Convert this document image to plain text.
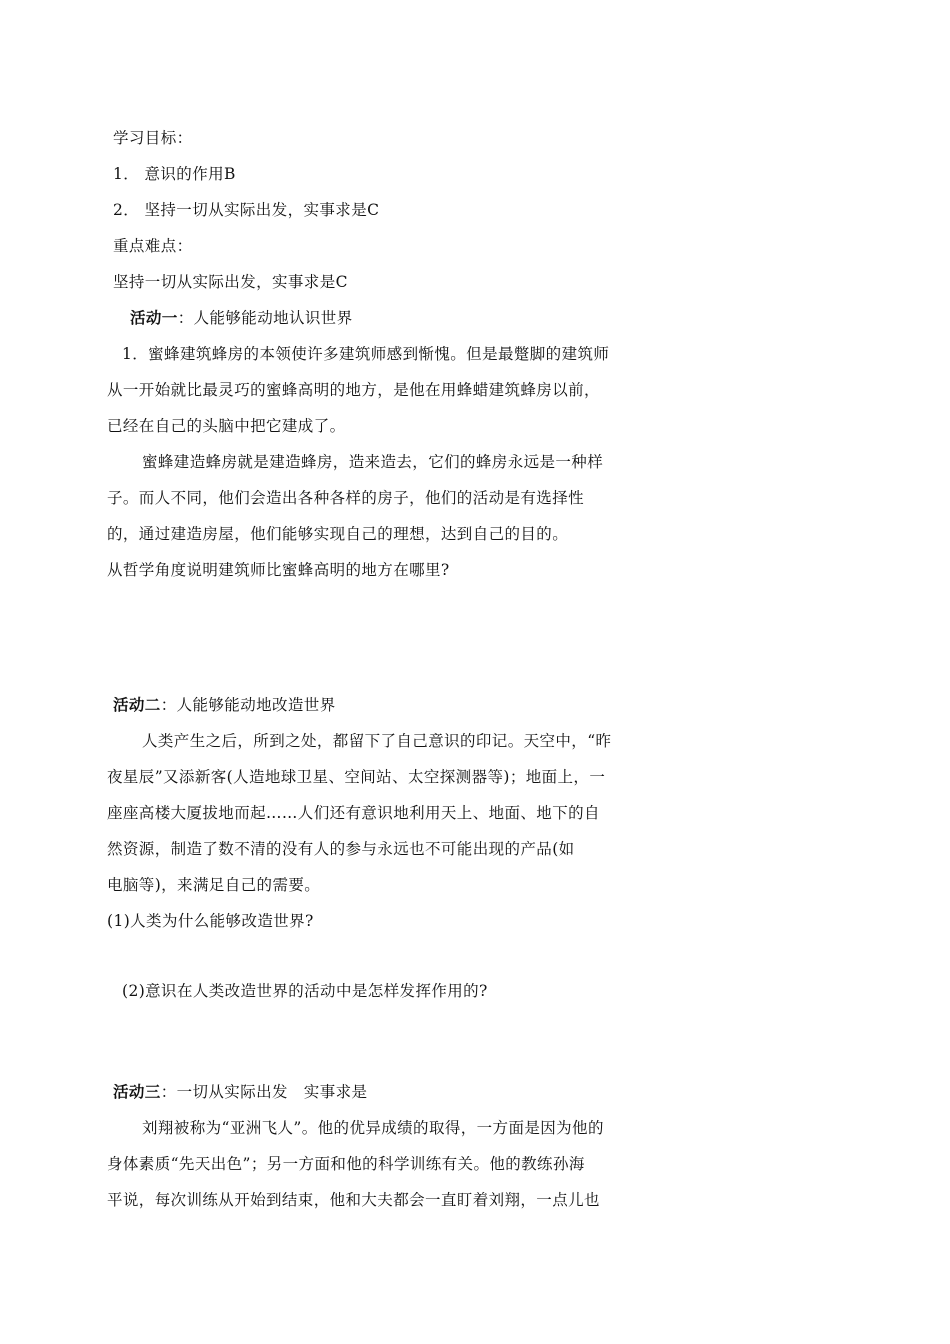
学习目标：
1． 意识的作用B
2． 坚持一切从实际出发，实事求是C
重点难点：
坚持一切从实际出发，实事求是C
活动一：人能够能动地认识世界
1．蜜蜂建筑蜂房的本领使许多建筑师感到惭愧。但是最蹩脚的建筑师
从一开始就比最灵巧的蜜蜂高明的地方，是他在用蜂蜡建筑蜂房以前，
已经在自己的头脑中把它建成了。
蜜蜂建造蜂房就是建造蜂房，造来造去，它们的蜂房永远是一种样
子。而人不同，他们会造出各种各样的房子，他们的活动是有选择性
的，通过建造房屋，他们能够实现自己的理想，达到自己的目的。
从哲学角度说明建筑师比蜜蜂高明的地方在哪里?
活动二：人能够能动地改造世界
人类产生之后，所到之处，都留下了自己意识的印记。天空中，“昨
夜星辰”又添新客(人造地球卫星、空间站、太空探测器等)；地面上，一
座座高楼大厦拔地而起……人们还有意识地利用天上、地面、地下的自
然资源，制造了数不清的没有人的参与永远也不可能出现的产品(如
电脑等)，来满足自己的需要。
(1)人类为什么能够改造世界?
(2)意识在人类改造世界的活动中是怎样发挥作用的?
活动三：一切从实际出发　实事求是
刘翔被称为“亚洲飞人”。他的优异成绩的取得，一方面是因为他的
身体素质“先天出色”；另一方面和他的科学训练有关。他的教练孙海
平说，每次训练从开始到结束，他和大夫都会一直盯着刘翔，一点儿也
